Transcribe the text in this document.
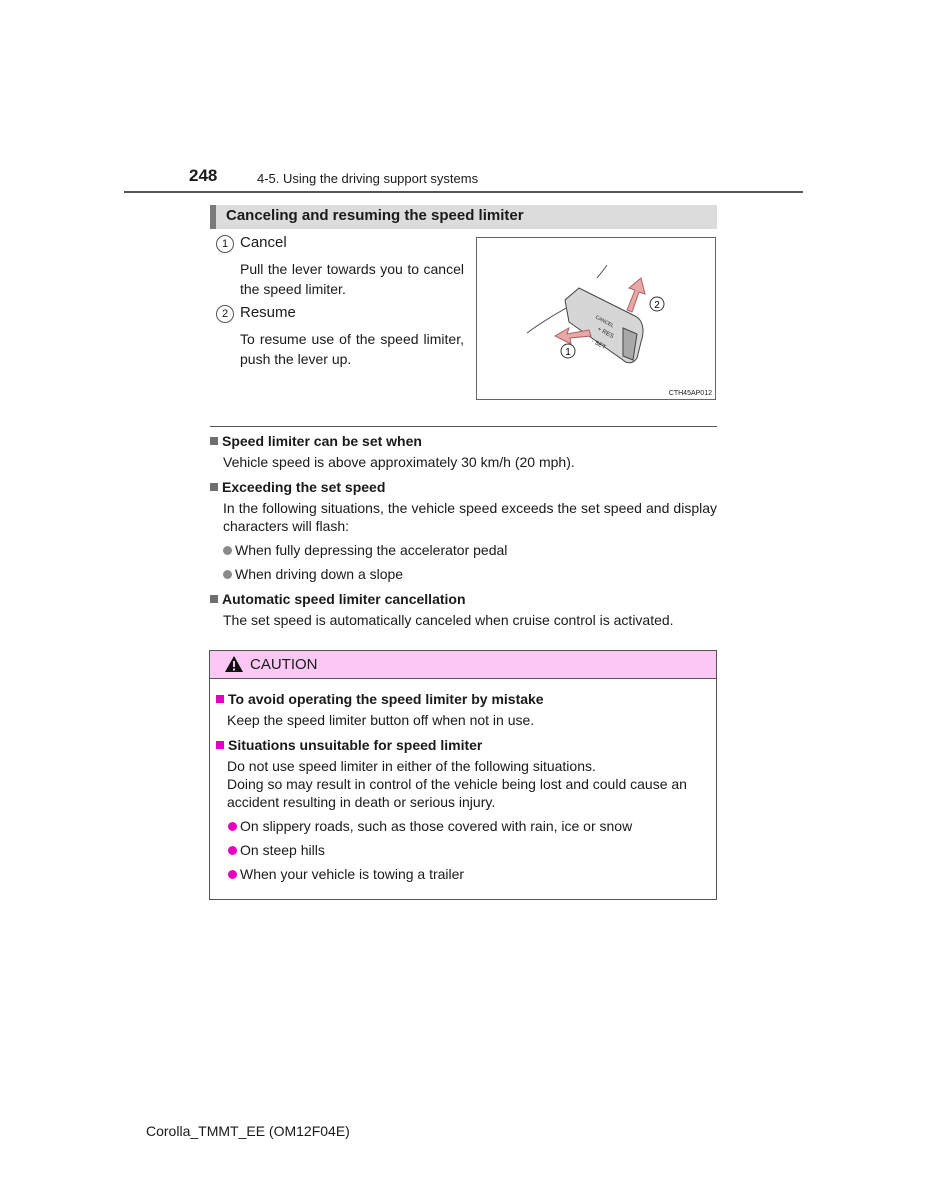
248	4-5. Using the driving support systems
Canceling and resuming the speed limiter
1 Cancel
Pull the lever towards you to cancel the speed limiter.
2 Resume
To resume use of the speed limiter, push the lever up.
CANCEL
+ RES
- SET
2
1
CTH45AP012
Speed limiter can be set when
Vehicle speed is above approximately 30 km/h (20 mph).
Exceeding the set speed
In the following situations, the vehicle speed exceeds the set speed and display characters will flash:
When fully depressing the accelerator pedal
When driving down a slope
Automatic speed limiter cancellation
The set speed is automatically canceled when cruise control is activated.
CAUTION
To avoid operating the speed limiter by mistake
Keep the speed limiter button off when not in use.
Situations unsuitable for speed limiter
Do not use speed limiter in either of the following situations.
Doing so may result in control of the vehicle being lost and could cause an accident resulting in death or serious injury.
On slippery roads, such as those covered with rain, ice or snow
On steep hills
When your vehicle is towing a trailer
Corolla_TMMT_EE (OM12F04E)
